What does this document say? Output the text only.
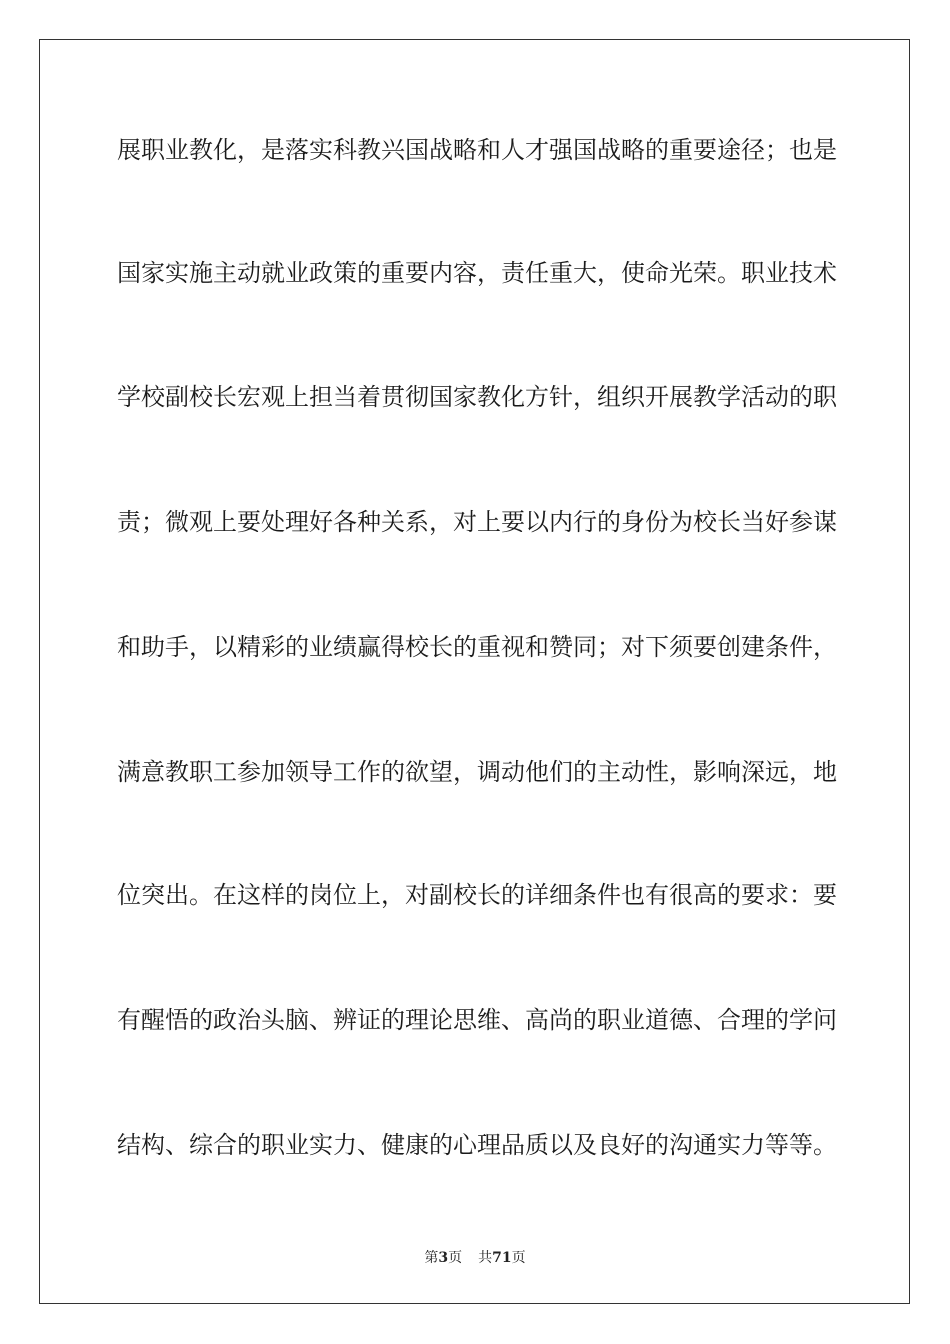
展职业教化，是落实科教兴国战略和人才强国战略的重要途径；也是
国家实施主动就业政策的重要内容，责任重大，使命光荣。职业技术
学校副校长宏观上担当着贯彻国家教化方针，组织开展教学活动的职
责；微观上要处理好各种关系，对上要以内行的身份为校长当好参谋
和助手，以精彩的业绩赢得校长的重视和赞同；对下须要创建条件，
满意教职工参加领导工作的欲望，调动他们的主动性，影响深远，地
位突出。在这样的岗位上，对副校长的详细条件也有很高的要求：要
有醒悟的政治头脑、辨证的理论思维、高尚的职业道德、合理的学问
结构、综合的职业实力、健康的心理品质以及良好的沟通实力等等。
第3页 共71页
